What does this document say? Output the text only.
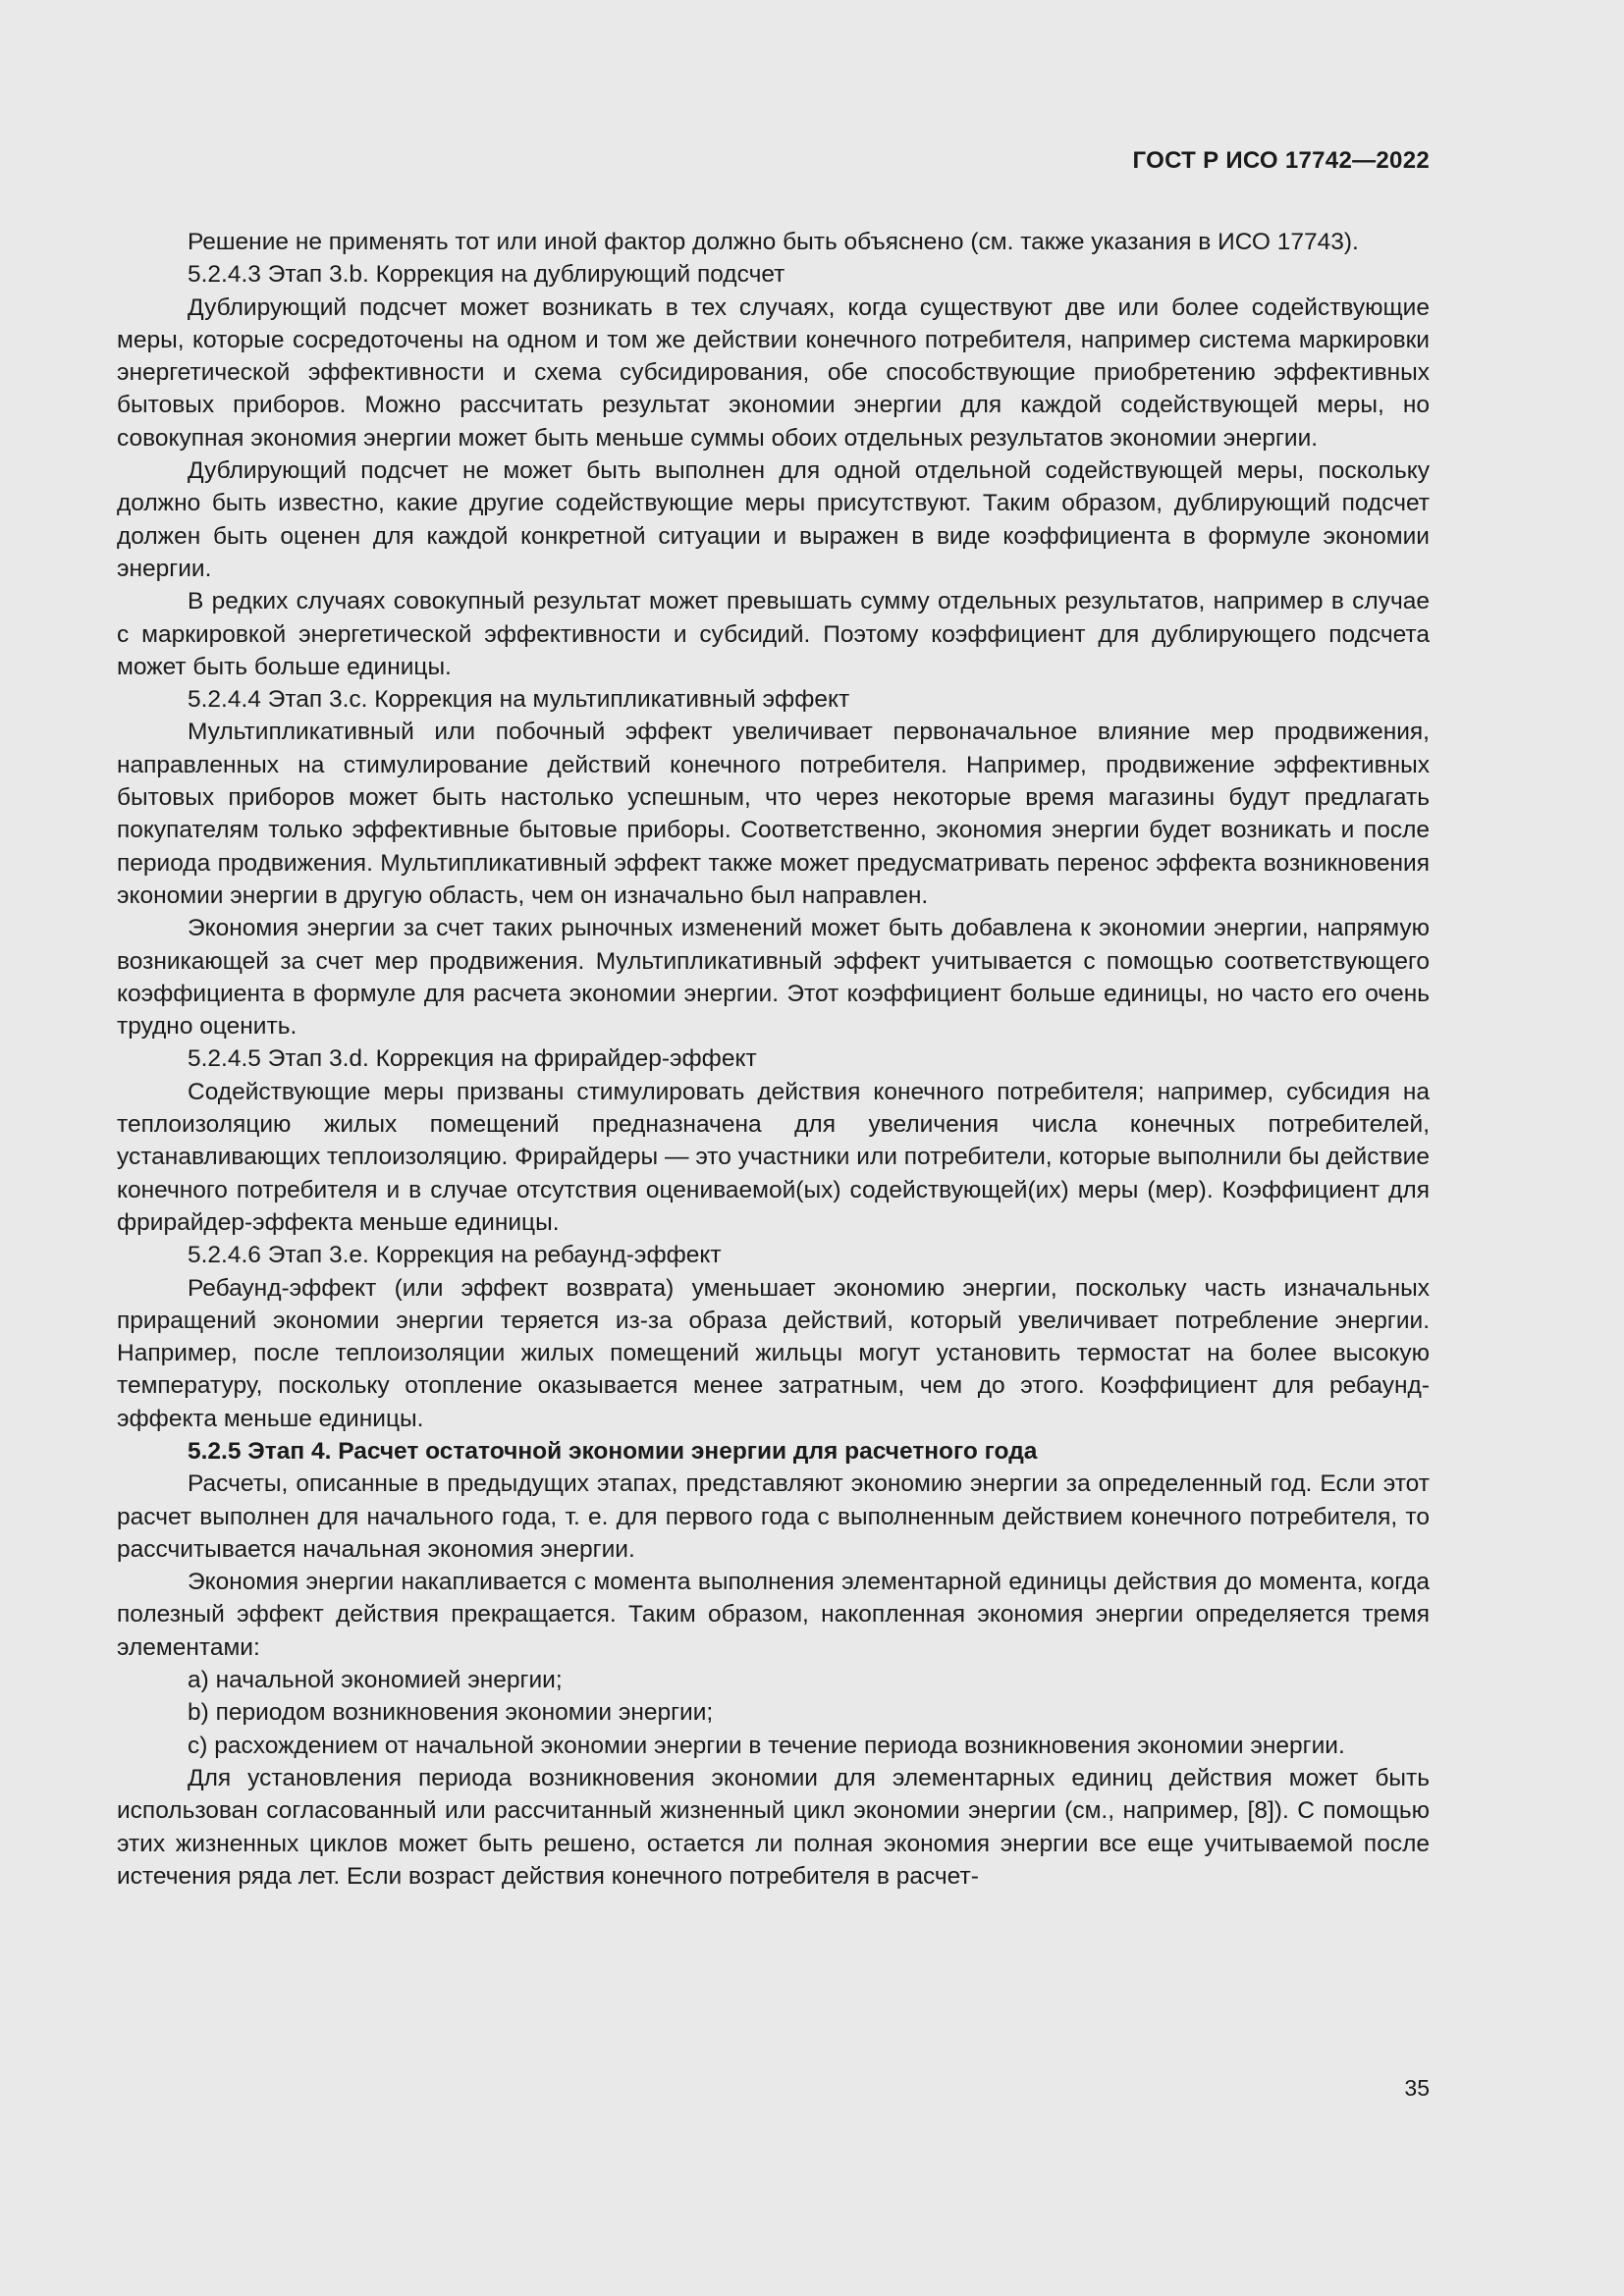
ГОСТ Р ИСО 17742—2022

Решение не применять тот или иной фактор должно быть объяснено (см. также указания в ИСО 17743).

5.2.4.3 Этап 3.b. Коррекция на дублирующий подсчет

Дублирующий подсчет может возникать в тех случаях, когда существуют две или более содействующие меры, которые сосредоточены на одном и том же действии конечного потребителя, например система маркировки энергетической эффективности и схема субсидирования, обе способствующие приобретению эффективных бытовых приборов. Можно рассчитать результат экономии энергии для каждой содействующей меры, но совокупная экономия энергии может быть меньше суммы обоих отдельных результатов экономии энергии.

Дублирующий подсчет не может быть выполнен для одной отдельной содействующей меры, поскольку должно быть известно, какие другие содействующие меры присутствуют. Таким образом, дублирующий подсчет должен быть оценен для каждой конкретной ситуации и выражен в виде коэффициента в формуле экономии энергии.

В редких случаях совокупный результат может превышать сумму отдельных результатов, например в случае с маркировкой энергетической эффективности и субсидий. Поэтому коэффициент для дублирующего подсчета может быть больше единицы.

5.2.4.4 Этап 3.c. Коррекция на мультипликативный эффект

Мультипликативный или побочный эффект увеличивает первоначальное влияние мер продвижения, направленных на стимулирование действий конечного потребителя. Например, продвижение эффективных бытовых приборов может быть настолько успешным, что через некоторые время магазины будут предлагать покупателям только эффективные бытовые приборы. Соответственно, экономия энергии будет возникать и после периода продвижения. Мультипликативный эффект также может предусматривать перенос эффекта возникновения экономии энергии в другую область, чем он изначально был направлен.

Экономия энергии за счет таких рыночных изменений может быть добавлена к экономии энергии, напрямую возникающей за счет мер продвижения. Мультипликативный эффект учитывается с помощью соответствующего коэффициента в формуле для расчета экономии энергии. Этот коэффициент больше единицы, но часто его очень трудно оценить.

5.2.4.5 Этап 3.d. Коррекция на фрирайдер-эффект

Содействующие меры призваны стимулировать действия конечного потребителя; например, субсидия на теплоизоляцию жилых помещений предназначена для увеличения числа конечных потребителей, устанавливающих теплоизоляцию. Фрирайдеры — это участники или потребители, которые выполнили бы действие конечного потребителя и в случае отсутствия оцениваемой(ых) содействующей(их) меры (мер). Коэффициент для фрирайдер-эффекта меньше единицы.

5.2.4.6 Этап 3.e. Коррекция на ребаунд-эффект

Ребаунд-эффект (или эффект возврата) уменьшает экономию энергии, поскольку часть изначальных приращений экономии энергии теряется из-за образа действий, который увеличивает потребление энергии. Например, после теплоизоляции жилых помещений жильцы могут установить термостат на более высокую температуру, поскольку отопление оказывается менее затратным, чем до этого. Коэффициент для ребаунд-эффекта меньше единицы.

5.2.5 Этап 4. Расчет остаточной экономии энергии для расчетного года

Расчеты, описанные в предыдущих этапах, представляют экономию энергии за определенный год. Если этот расчет выполнен для начального года, т. е. для первого года с выполненным действием конечного потребителя, то рассчитывается начальная экономия энергии.

Экономия энергии накапливается с момента выполнения элементарной единицы действия до момента, когда полезный эффект действия прекращается. Таким образом, накопленная экономия энергии определяется тремя элементами:

a) начальной экономией энергии;

b) периодом возникновения экономии энергии;

c) расхождением от начальной экономии энергии в течение периода возникновения экономии энергии.

Для установления периода возникновения экономии для элементарных единиц действия может быть использован согласованный или рассчитанный жизненный цикл экономии энергии (см., например, [8]). С помощью этих жизненных циклов может быть решено, остается ли полная экономия энергии все еще учитываемой после истечения ряда лет. Если возраст действия конечного потребителя в расчет-

35
